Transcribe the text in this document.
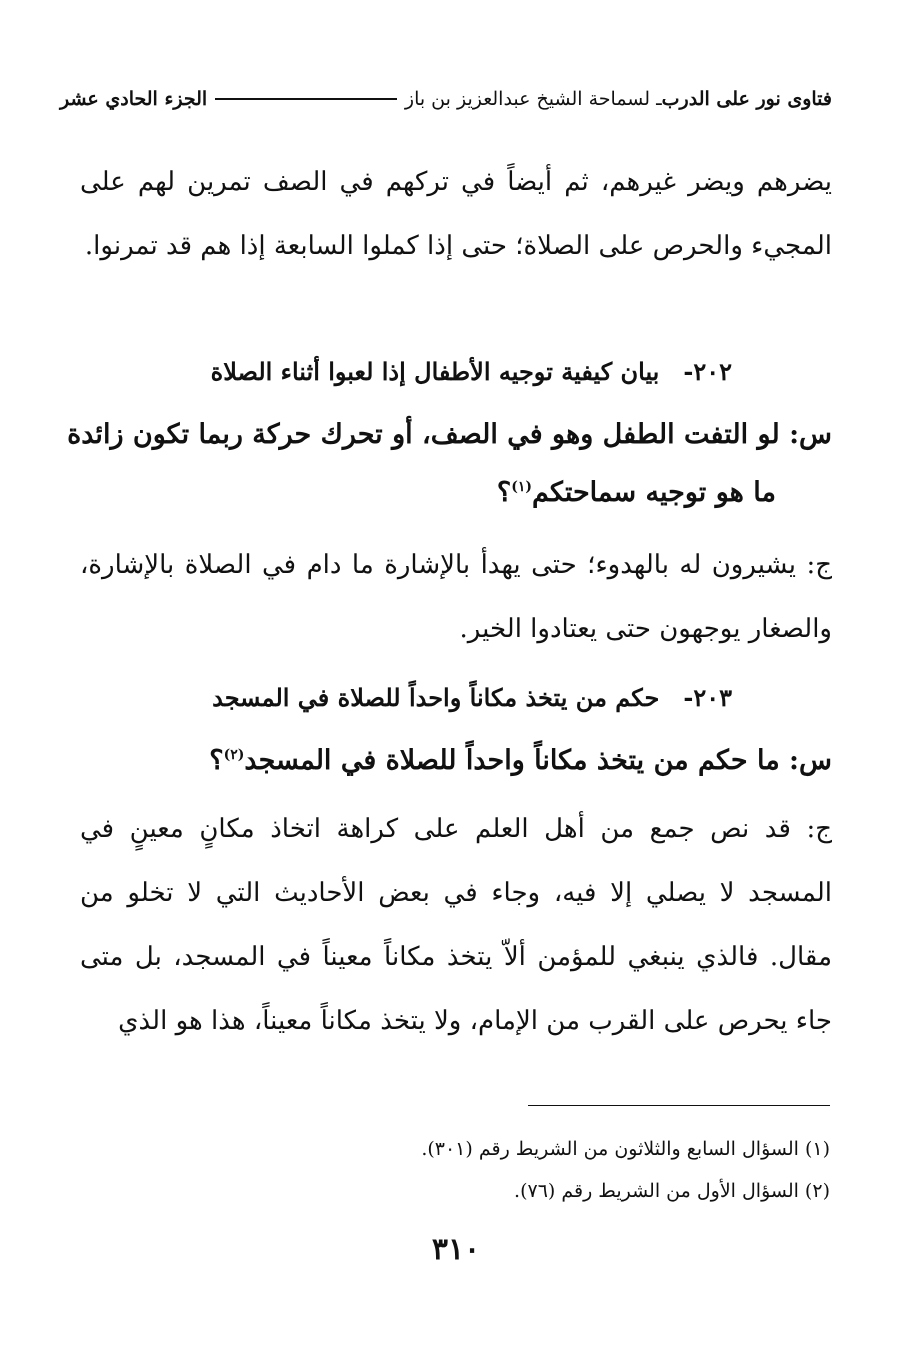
فتاوى نور على الدرب
ـ لسماحة الشيخ عبدالعزيز بن باز
الجزء الحادي عشر
يضرهم ويضر غيرهم، ثم أيضاً في تركهم في الصف تمرين لهم على المجيء والحرص على الصلاة؛ حتى إذا كملوا السابعة إذا هم قد تمرنوا.
٢٠٢-بيان كيفية توجيه الأطفال إذا لعبوا أثناء الصلاة
س: لو التفت الطفل وهو في الصف، أو تحرك حركة ربما تكون زائدة
ما هو توجيه سماحتكم$^{(١)}$؟
ج: يشيرون له بالهدوء؛ حتى يهدأ بالإشارة ما دام في الصلاة بالإشارة، والصغار يوجهون حتى يعتادوا الخير.
٢٠٣-حكم من يتخذ مكاناً واحداً للصلاة في المسجد
س: ما حكم من يتخذ مكاناً واحداً للصلاة في المسجد$^{(٢)}$؟
ج: قد نص جمع من أهل العلم على كراهة اتخاذ مكانٍ معينٍ في المسجد لا يصلي إلا فيه، وجاء في بعض الأحاديث التي لا تخلو من مقال. فالذي ينبغي للمؤمن ألاّ يتخذ مكاناً معيناً في المسجد، بل متى جاء يحرص على القرب من الإمام، ولا يتخذ مكاناً معيناً، هذا هو الذي
(١) السؤال السابع والثلاثون من الشريط رقم (٣٠١).
(٢) السؤال الأول من الشريط رقم (٧٦).
٣١٠
